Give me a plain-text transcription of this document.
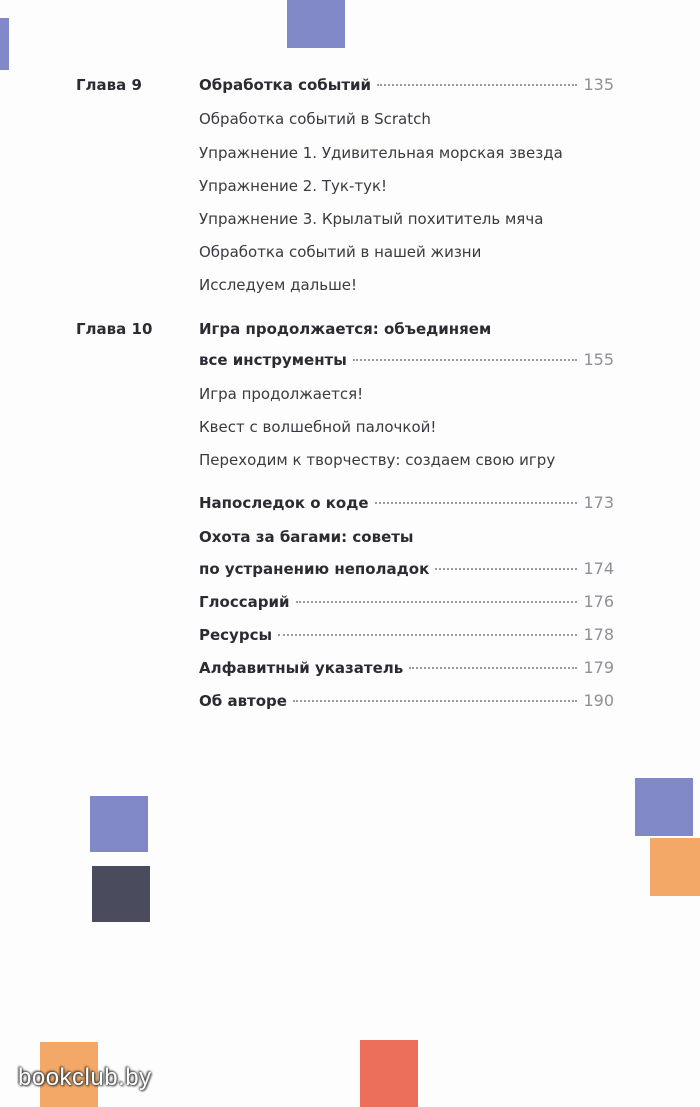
Глава 9	Обработка событий	135
Обработка событий в Scratch
Упражнение 1. Удивительная морская звезда
Упражнение 2. Тук-тук!
Упражнение 3. Крылатый похититель мяча
Обработка событий в нашей жизни
Исследуем дальше!
Глава 10	Игра продолжается: объединяем
все инструменты	155
Игра продолжается!
Квест с волшебной палочкой!
Переходим к творчеству: создаем свою игру
Напоследок о коде	173
Охота за багами: советы
по устранению неполадок	174
Глоссарий	176
Ресурсы	178
Алфавитный указатель	179
Об авторе	190
bookclub.by
